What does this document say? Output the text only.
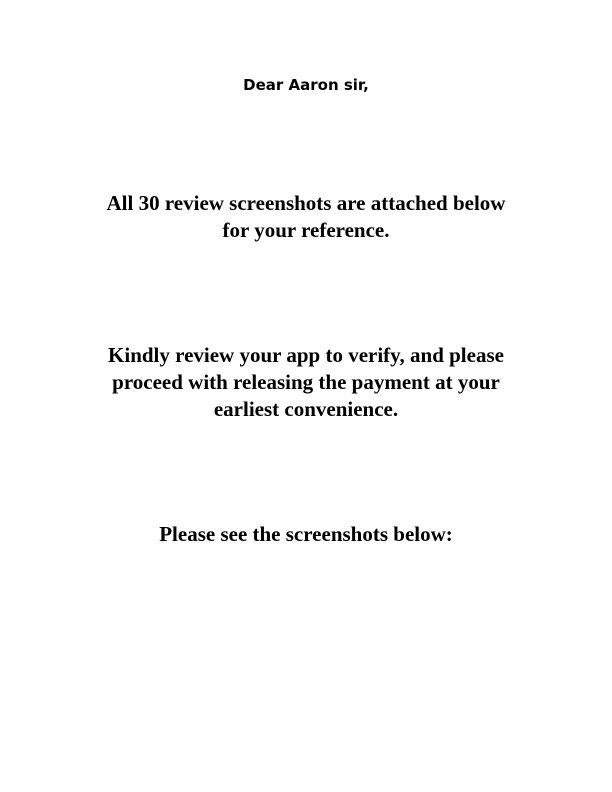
Dear Aaron sir,
All 30 review screenshots are attached below
for your reference.
Kindly review your app to verify, and please
proceed with releasing the payment at your
earliest convenience.
Please see the screenshots below:
